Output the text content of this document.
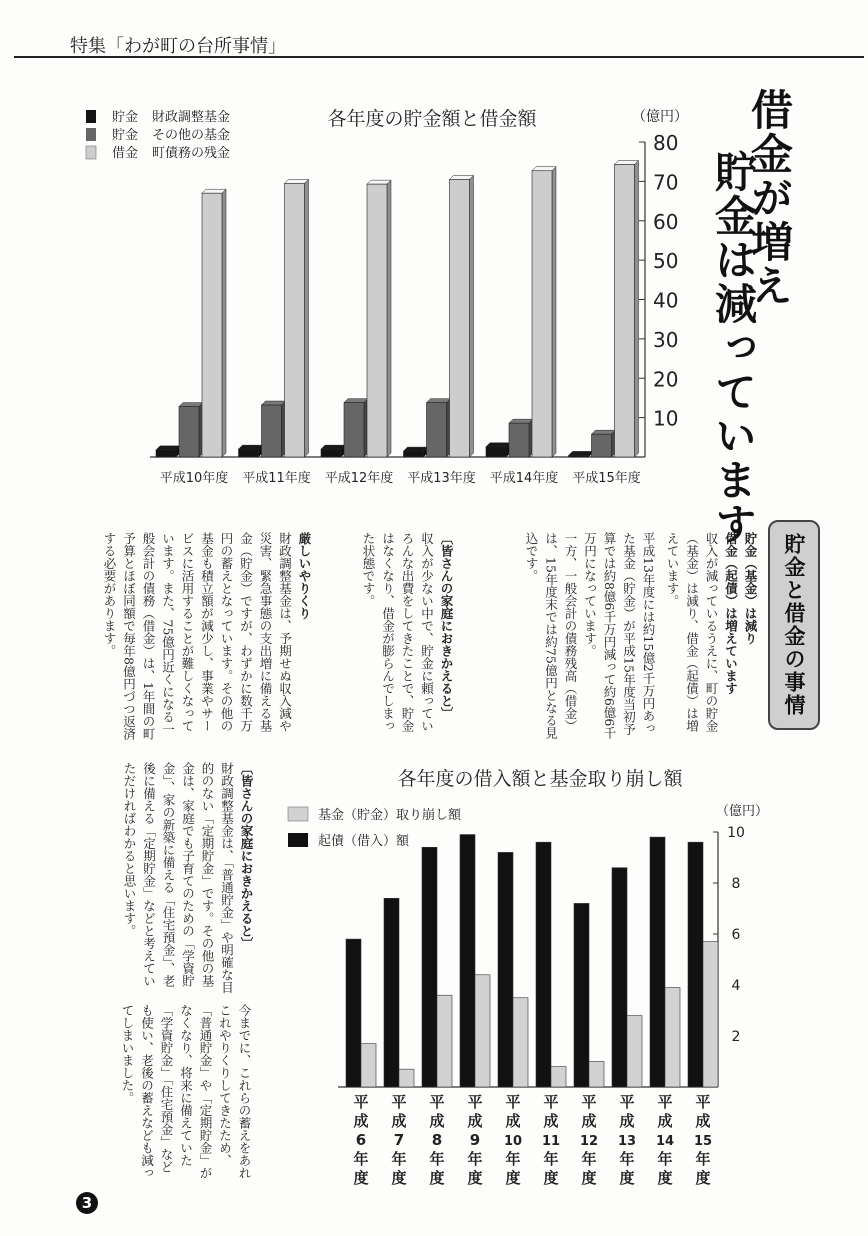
特集「わが町の台所事情」
各年度の貯金額と借金額	（億円）
貯金 財政調整基金
貯金 その他の基金
借金 町債務の残金
10
20
30
40
50
60
70
80
平成10年度 平成11年度 平成12年度 平成13年度 平成14年度 平成15年度
借金が増え
貯金は減っています
貯金と借金の事情
貯金（基金）は減り
借金（起債）は増えています
収入が減っているうえに、町の貯金（基金）は減り、借金（起債）は増えています。
平成13年度には約15億2千万円あった基金（貯金）が平成15年度当初予算では約8億6千万円減って約6億6千万円になっています。
一方、一般会計の債務残高（借金）は、15年度末では約75億円となる見込です。
〔皆さんの家庭におきかえると〕
収入が少ない中で、貯金に頼っていろんな出費をしてきたことで、貯金はなくなり、借金が膨らんでしまった状態です。
厳しいやりくり
財政調整基金は、予期せぬ収入減や災害、緊急事態の支出増に備える基金（貯金）ですが、わずかに数千万円の蓄えとなっています。その他の基金も積立額が減少し、事業やサービスに活用することが難しくなっています。また、75億円近くになる一般会計の債務（借金）は、1年間の町予算とほぼ同額で毎年8億円づつ返済する必要があります。
〔皆さんの家庭におきかえると〕
財政調整基金は、「普通貯金」や明確な目的のない「定期貯金」です。その他の基金は、家庭でも子育てのための「学資貯金」、家の新築に備える「住宅預金」、老後に備える「定期貯金」などと考えていただければわかると思います。
今までに、これらの蓄えをあれこれやりくりしてきたため、「普通貯金」や「定期貯金」がなくなり、将来に備えていた「学資貯金」「住宅預金」なども使い、老後の蓄えなども減ってしまいました。
各年度の借入額と基金取り崩し額
（億円）
基金（貯金）取り崩し額
起債（借入）額
2
4
6
8
10
平成 6 年度
平成 7 年度
平成 8 年度
平成 9 年度
平成 10 年度
平成 11 年度
平成 12 年度
平成 13 年度
平成 14 年度
平成 15 年度
3
